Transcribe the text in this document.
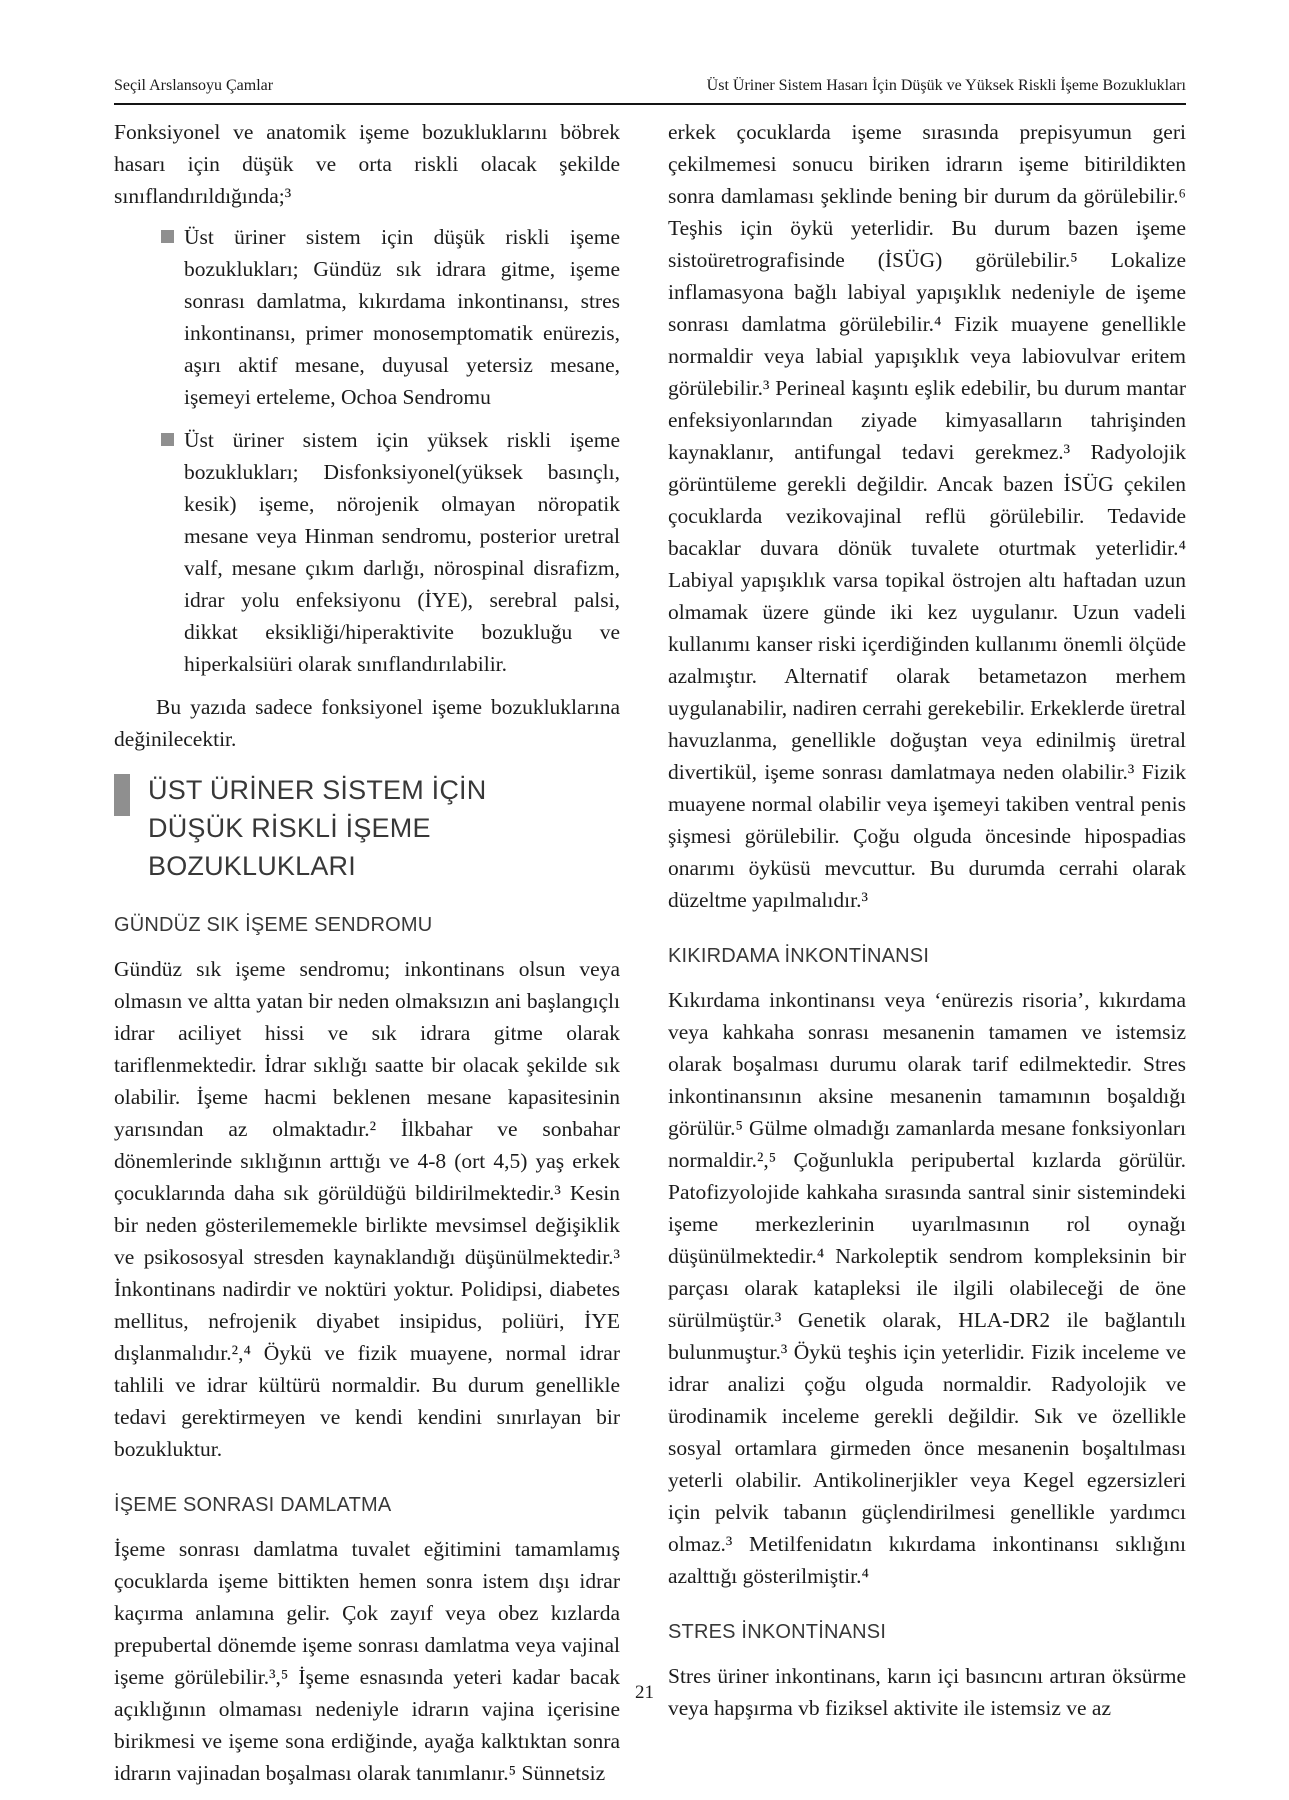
Seçil Arslansoyu Çamlar	Üst Üriner Sistem Hasarı İçin Düşük ve Yüksek Riskli İşeme Bozuklukları

Fonksiyonel ve anatomik işeme bozukluklarını böbrek hasarı için düşük ve orta riskli olacak şekilde sınıflandırıldığında;³

Üst üriner sistem için düşük riskli işeme bozuklukları; Gündüz sık idrara gitme, işeme sonrası damlatma, kıkırdama inkontinansı, stres inkontinansı, primer monosemptomatik enürezis, aşırı aktif mesane, duyusal yetersiz mesane, işemeyi erteleme, Ochoa Sendromu
Üst üriner sistem için yüksek riskli işeme bozuklukları; Disfonksiyonel(yüksek basınçlı, kesik) işeme, nörojenik olmayan nöropatik mesane veya Hinman sendromu, posterior uretral valf, mesane çıkım darlığı, nörospinal disrafizm, idrar yolu enfeksiyonu (İYE), serebral palsi, dikkat eksikliği/hiperaktivite bozukluğu ve hiperkalsiüri olarak sınıflandırılabilir.

Bu yazıda sadece fonksiyonel işeme bozukluklarına değinilecektir.

ÜST ÜRİNER SİSTEM İÇİN
DÜŞÜK RİSKLİ İŞEME BOZUKLUKLARI
GÜNDÜZ SIK İŞEME SENDROMU

Gündüz sık işeme sendromu; inkontinans olsun veya olmasın ve altta yatan bir neden olmaksızın ani başlangıçlı idrar aciliyet hissi ve sık idrara gitme olarak tariflenmektedir. İdrar sıklığı saatte bir olacak şekilde sık olabilir. İşeme hacmi beklenen mesane kapasitesinin yarısından az olmaktadır.² İlkbahar ve sonbahar dönemlerinde sıklığının arttığı ve 4-8 (ort 4,5) yaş erkek çocuklarında daha sık görüldüğü bildirilmektedir.³ Kesin bir neden gösterilememekle birlikte mevsimsel değişiklik ve psikososyal stresden kaynaklandığı düşünülmektedir.³ İnkontinans nadirdir ve noktüri yoktur. Polidipsi, diabetes mellitus, nefrojenik diyabet insipidus, poliüri, İYE dışlanmalıdır.²,⁴ Öykü ve fizik muayene, normal idrar tahlili ve idrar kültürü normaldir. Bu durum genellikle tedavi gerektirmeyen ve kendi kendini sınırlayan bir bozukluktur.

İŞEME SONRASI DAMLATMA

İşeme sonrası damlatma tuvalet eğitimini tamamlamış çocuklarda işeme bittikten hemen sonra istem dışı idrar kaçırma anlamına gelir. Çok zayıf veya obez kızlarda prepubertal dönemde işeme sonrası damlatma veya vajinal işeme görülebilir.³,⁵ İşeme esnasında yeteri kadar bacak açıklığının olmaması nedeniyle idrarın vajina içerisine birikmesi ve işeme sona erdiğinde, ayağa kalktıktan sonra idrarın vajinadan boşalması olarak tanımlanır.⁵ Sünnetsiz

erkek çocuklarda işeme sırasında prepisyumun geri çekilmemesi sonucu biriken idrarın işeme bitirildikten sonra damlaması şeklinde bening bir durum da görülebilir.⁶ Teşhis için öykü yeterlidir. Bu durum bazen işeme sistoüretrografisinde (İSÜG) görülebilir.⁵ Lokalize inflamasyona bağlı labiyal yapışıklık nedeniyle de işeme sonrası damlatma görülebilir.⁴ Fizik muayene genellikle normaldir veya labial yapışıklık veya labiovulvar eritem görülebilir.³ Perineal kaşıntı eşlik edebilir, bu durum mantar enfeksiyonlarından ziyade kimyasalların tahrişinden kaynaklanır, antifungal tedavi gerekmez.³ Radyolojik görüntüleme gerekli değildir. Ancak bazen İSÜG çekilen çocuklarda vezikovajinal reflü görülebilir. Tedavide bacaklar duvara dönük tuvalete oturtmak yeterlidir.⁴ Labiyal yapışıklık varsa topikal östrojen altı haftadan uzun olmamak üzere günde iki kez uygulanır. Uzun vadeli kullanımı kanser riski içerdiğinden kullanımı önemli ölçüde azalmıştır. Alternatif olarak betametazon merhem uygulanabilir, nadiren cerrahi gerekebilir. Erkeklerde üretral havuzlanma, genellikle doğuştan veya edinilmiş üretral divertikül, işeme sonrası damlatmaya neden olabilir.³ Fizik muayene normal olabilir veya işemeyi takiben ventral penis şişmesi görülebilir. Çoğu olguda öncesinde hipospadias onarımı öyküsü mevcuttur. Bu durumda cerrahi olarak düzeltme yapılmalıdır.³

KIKIRDAMA İNKONTİNANSI

Kıkırdama inkontinansı veya ‘enürezis risoria’, kıkırdama veya kahkaha sonrası mesanenin tamamen ve istemsiz olarak boşalması durumu olarak tarif edilmektedir. Stres inkontinansının aksine mesanenin tamamının boşaldığı görülür.⁵ Gülme olmadığı zamanlarda mesane fonksiyonları normaldir.²,⁵ Çoğunlukla peripubertal kızlarda görülür. Patofizyolojide kahkaha sırasında santral sinir sistemindeki işeme merkezlerinin uyarılmasının rol oynağı düşünülmektedir.⁴ Narkoleptik sendrom kompleksinin bir parçası olarak katapleksi ile ilgili olabileceği de öne sürülmüştür.³ Genetik olarak, HLA-DR2 ile bağlantılı bulunmuştur.³ Öykü teşhis için yeterlidir. Fizik inceleme ve idrar analizi çoğu olguda normaldir. Radyolojik ve ürodinamik inceleme gerekli değildir. Sık ve özellikle sosyal ortamlara girmeden önce mesanenin boşaltılması yeterli olabilir. Antikolinerjikler veya Kegel egzersizleri için pelvik tabanın güçlendirilmesi genellikle yardımcı olmaz.³ Metilfenidatın kıkırdama inkontinansı sıklığını azalttığı gösterilmiştir.⁴

STRES İNKONTİNANSI

Stres üriner inkontinans, karın içi basıncını artıran öksürme veya hapşırma vb fiziksel aktivite ile istemsiz ve az

21
